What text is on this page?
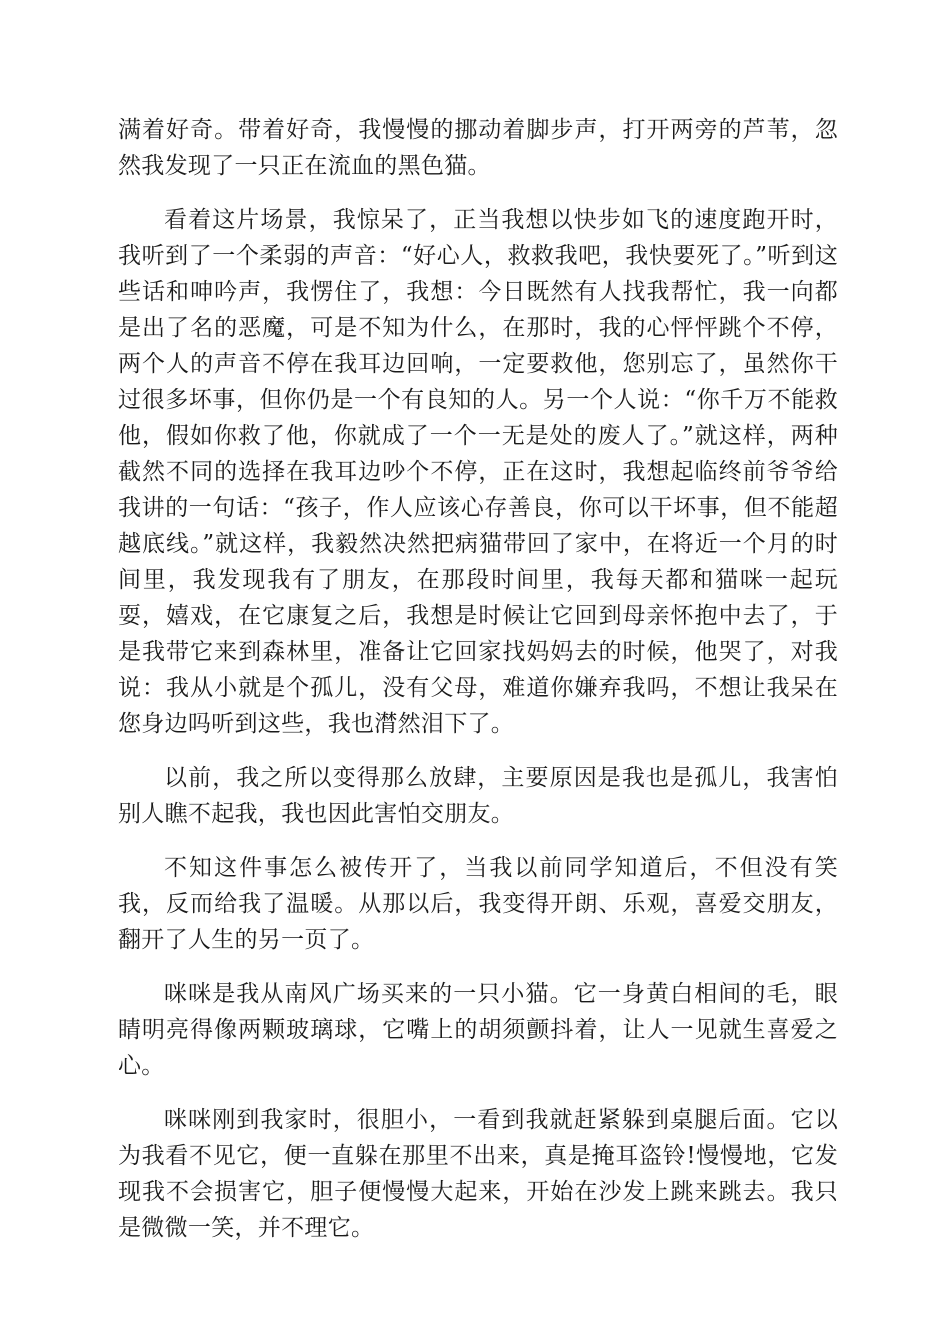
满着好奇。带着好奇，我慢慢的挪动着脚步声，打开两旁的芦苇，忽然我发现了一只正在流血的黑色猫。

看着这片场景，我惊呆了，正当我想以快步如飞的速度跑开时，我听到了一个柔弱的声音：“好心人，救救我吧，我快要死了。”听到这些话和呻吟声，我愣住了，我想：今日既然有人找我帮忙，我一向都是出了名的恶魔，可是不知为什么，在那时，我的心怦怦跳个不停，两个人的声音不停在我耳边回响，一定要救他，您别忘了，虽然你干过很多坏事，但你仍是一个有良知的人。另一个人说：“你千万不能救他，假如你救了他，你就成了一个一无是处的废人了。”就这样，两种截然不同的选择在我耳边吵个不停，正在这时，我想起临终前爷爷给我讲的一句话：“孩子，作人应该心存善良，你可以干坏事，但不能超越底线。”就这样，我毅然决然把病猫带回了家中，在将近一个月的时间里，我发现我有了朋友，在那段时间里，我每天都和猫咪一起玩耍，嬉戏，在它康复之后，我想是时候让它回到母亲怀抱中去了，于是我带它来到森林里，准备让它回家找妈妈去的时候，他哭了，对我说：我从小就是个孤儿，没有父母，难道你嫌弃我吗，不想让我呆在您身边吗听到这些，我也潸然泪下了。

以前，我之所以变得那么放肆，主要原因是我也是孤儿，我害怕别人瞧不起我，我也因此害怕交朋友。

不知这件事怎么被传开了，当我以前同学知道后，不但没有笑我，反而给我了温暖。从那以后，我变得开朗、乐观，喜爱交朋友，翻开了人生的另一页了。

咪咪是我从南风广场买来的一只小猫。它一身黄白相间的毛，眼睛明亮得像两颗玻璃球，它嘴上的胡须颤抖着，让人一见就生喜爱之心。

咪咪刚到我家时，很胆小，一看到我就赶紧躲到桌腿后面。它以为我看不见它，便一直躲在那里不出来，真是掩耳盗铃!慢慢地，它发现我不会损害它，胆子便慢慢大起来，开始在沙发上跳来跳去。我只是微微一笑，并不理它。
